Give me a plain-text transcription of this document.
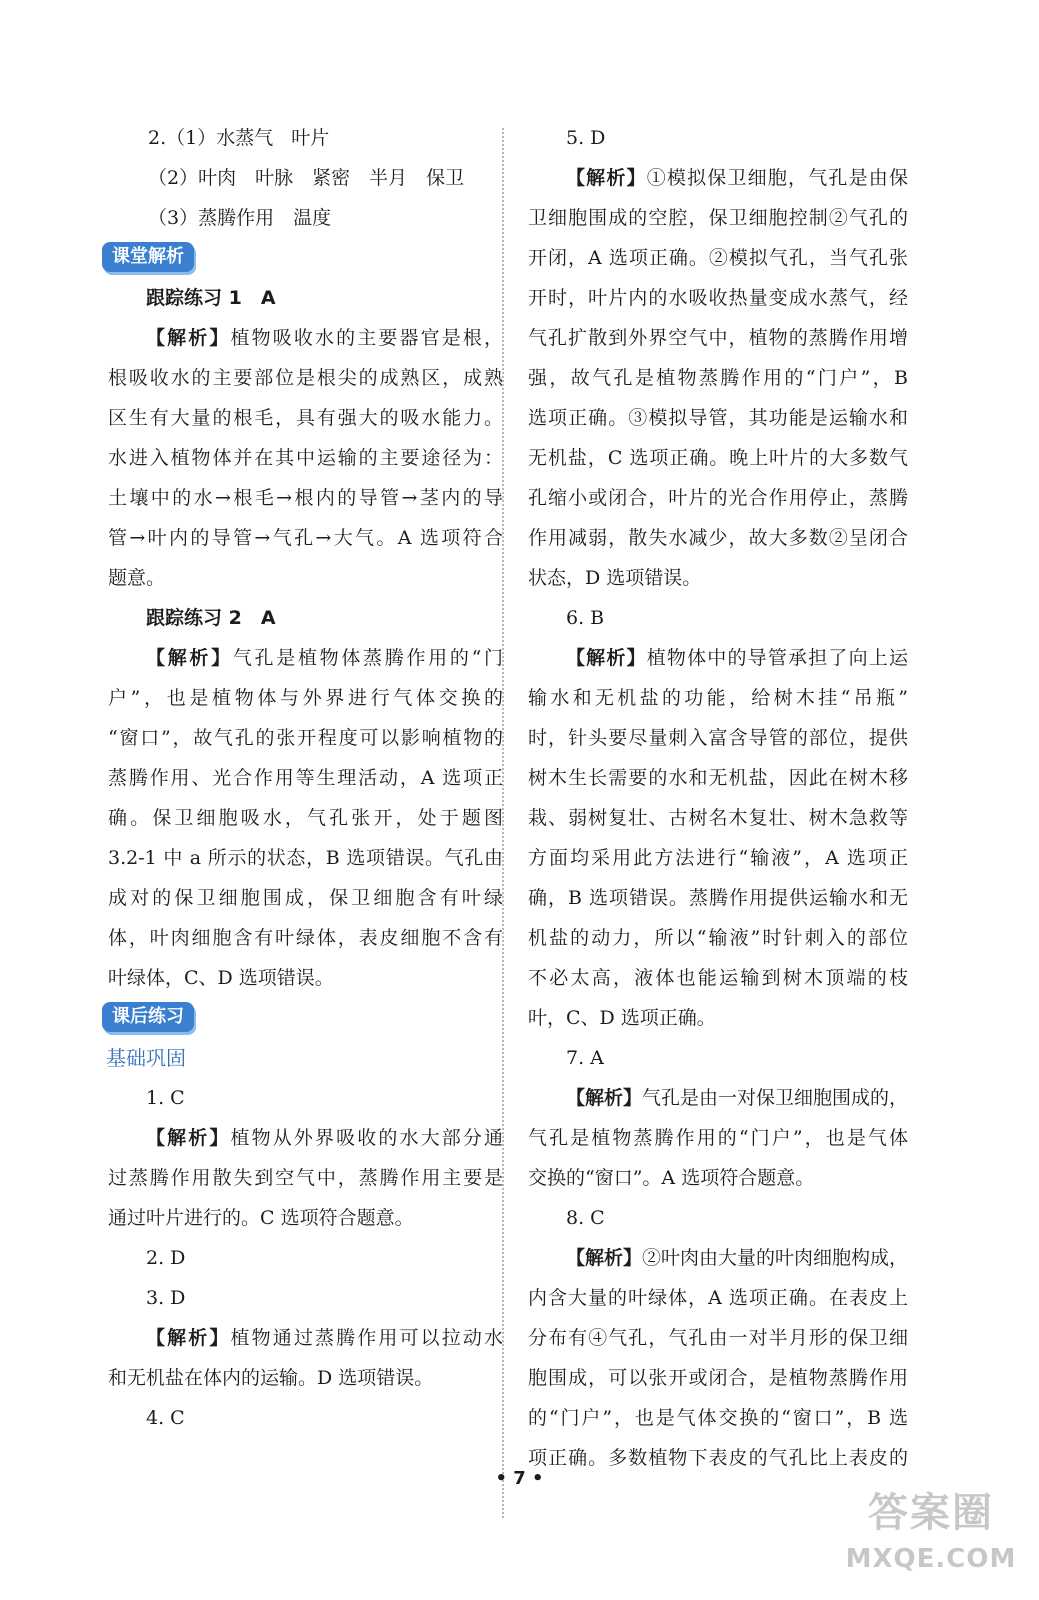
2.（1）水蒸气 叶片
（2）叶肉　叶脉　紧密　半月　保卫
（3）蒸腾作用　温度
课堂解析
跟踪练习 1　A
【解析】植物吸收水的主要器官是根，
根吸收水的主要部位是根尖的成熟区，成熟
区生有大量的根毛，具有强大的吸水能力。
水进入植物体并在其中运输的主要途径为：
土壤中的水→根毛→根内的导管→茎内的导
管→叶内的导管→气孔→大气。A 选项符合
题意。
跟踪练习 2　A
【解析】气孔是植物体蒸腾作用的“门
户”，也是植物体与外界进行气体交换的
“窗口”，故气孔的张开程度可以影响植物的
蒸腾作用、光合作用等生理活动，A 选项正
确。保卫细胞吸水，气孔张开，处于题图
3.2-1 中 a 所示的状态，B 选项错误。气孔由
成对的保卫细胞围成，保卫细胞含有叶绿
体，叶肉细胞含有叶绿体，表皮细胞不含有
叶绿体，C、D 选项错误。
课后练习
基础巩固
1. C
【解析】植物从外界吸收的水大部分通
过蒸腾作用散失到空气中，蒸腾作用主要是
通过叶片进行的。C 选项符合题意。
2. D
3. D
【解析】植物通过蒸腾作用可以拉动水
和无机盐在体内的运输。D 选项错误。
4. C
5. D
【解析】①模拟保卫细胞，气孔是由保
卫细胞围成的空腔，保卫细胞控制②气孔的
开闭，A 选项正确。②模拟气孔，当气孔张
开时，叶片内的水吸收热量变成水蒸气，经
气孔扩散到外界空气中，植物的蒸腾作用增
强，故气孔是植物蒸腾作用的“门户”，B
选项正确。③模拟导管，其功能是运输水和
无机盐，C 选项正确。晚上叶片的大多数气
孔缩小或闭合，叶片的光合作用停止，蒸腾
作用减弱，散失水减少，故大多数②呈闭合
状态，D 选项错误。
6. B
【解析】植物体中的导管承担了向上运
输水和无机盐的功能，给树木挂“吊瓶”
时，针头要尽量刺入富含导管的部位，提供
树木生长需要的水和无机盐，因此在树木移
栽、弱树复壮、古树名木复壮、树木急救等
方面均采用此方法进行“输液”，A 选项正
确，B 选项错误。蒸腾作用提供运输水和无
机盐的动力，所以“输液”时针刺入的部位
不必太高，液体也能运输到树木顶端的枝
叶，C、D 选项正确。
7. A
【解析】气孔是由一对保卫细胞围成的，
气孔是植物蒸腾作用的“门户”，也是气体
交换的“窗口”。A 选项符合题意。
8. C
【解析】②叶肉由大量的叶肉细胞构成，
内含大量的叶绿体，A 选项正确。在表皮上
分布有④气孔，气孔由一对半月形的保卫细
胞围成，可以张开或闭合，是植物蒸腾作用
的“门户”，也是气体交换的“窗口”，B 选
项正确。多数植物下表皮的气孔比上表皮的
• 7 •
答案圈
MXQE.COM
